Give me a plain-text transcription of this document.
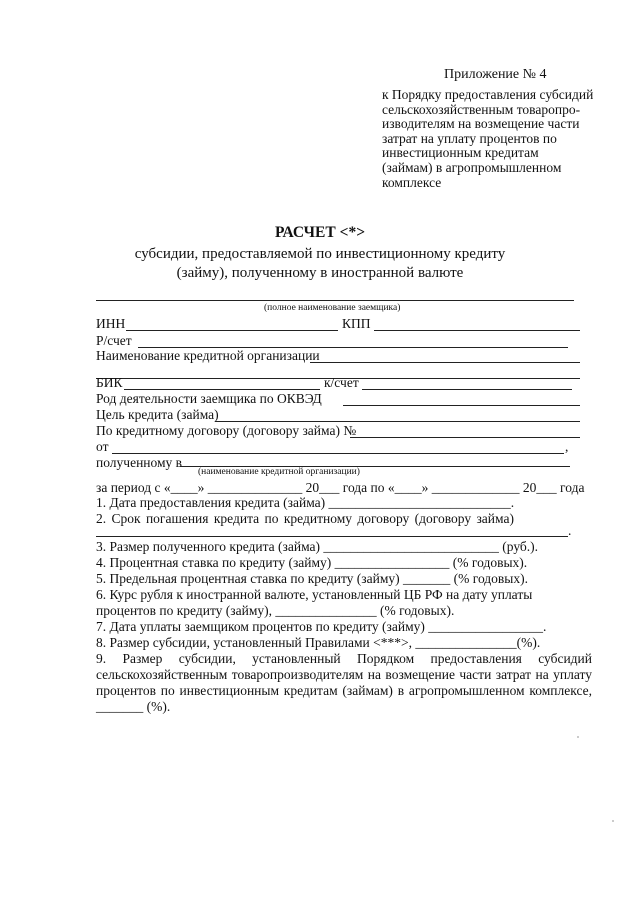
Приложение № 4
к Порядку предоставления субсидий
сельскохозяйственным товаропро-
изводителям на возмещение части
затрат на уплату процентов по
инвестиционным кредитам
(займам) в агропромышленном
комплексе
РАСЧЕТ <*>
субсидии, предоставляемой по инвестиционному кредиту
(займу), полученному в иностранной валюте
(полное наименование заемщика)
ИНН	КПП
Р/счет
Наименование кредитной организации
БИК	к/счет
Род деятельности заемщика по ОКВЭД
Цель кредита (займа)
По кредитному договору (договору займа) №
от	,
полученному в
(наименование кредитной организации)
за период с «____» ______________ 20___ года по «____» _____________ 20___ года
1. Дата предоставления кредита (займа) ___________________________.
2. Срок погашения кредита по кредитному договору (договору займа)
.
3. Размер полученного кредита (займа) __________________________ (руб.).
4. Процентная ставка по кредиту (займу) _________________ (% годовых).
5. Предельная процентная ставка по кредиту (займу) _______ (% годовых).
6. Курс рубля к иностранной валюте, установленный ЦБ РФ на дату уплаты
процентов по кредиту (займу), _______________ (% годовых).
7. Дата уплаты заемщиком процентов по кредиту (займу) _________________.
8. Размер субсидии, установленный Правилами <***>, _______________(%).
9. Размер субсидии, установленный Порядком предоставления субсидий
сельскохозяйственным товаропроизводителям на возмещение части затрат на уплату
процентов по инвестиционным кредитам (займам) в агропромышленном комплексе,
_______ (%).
